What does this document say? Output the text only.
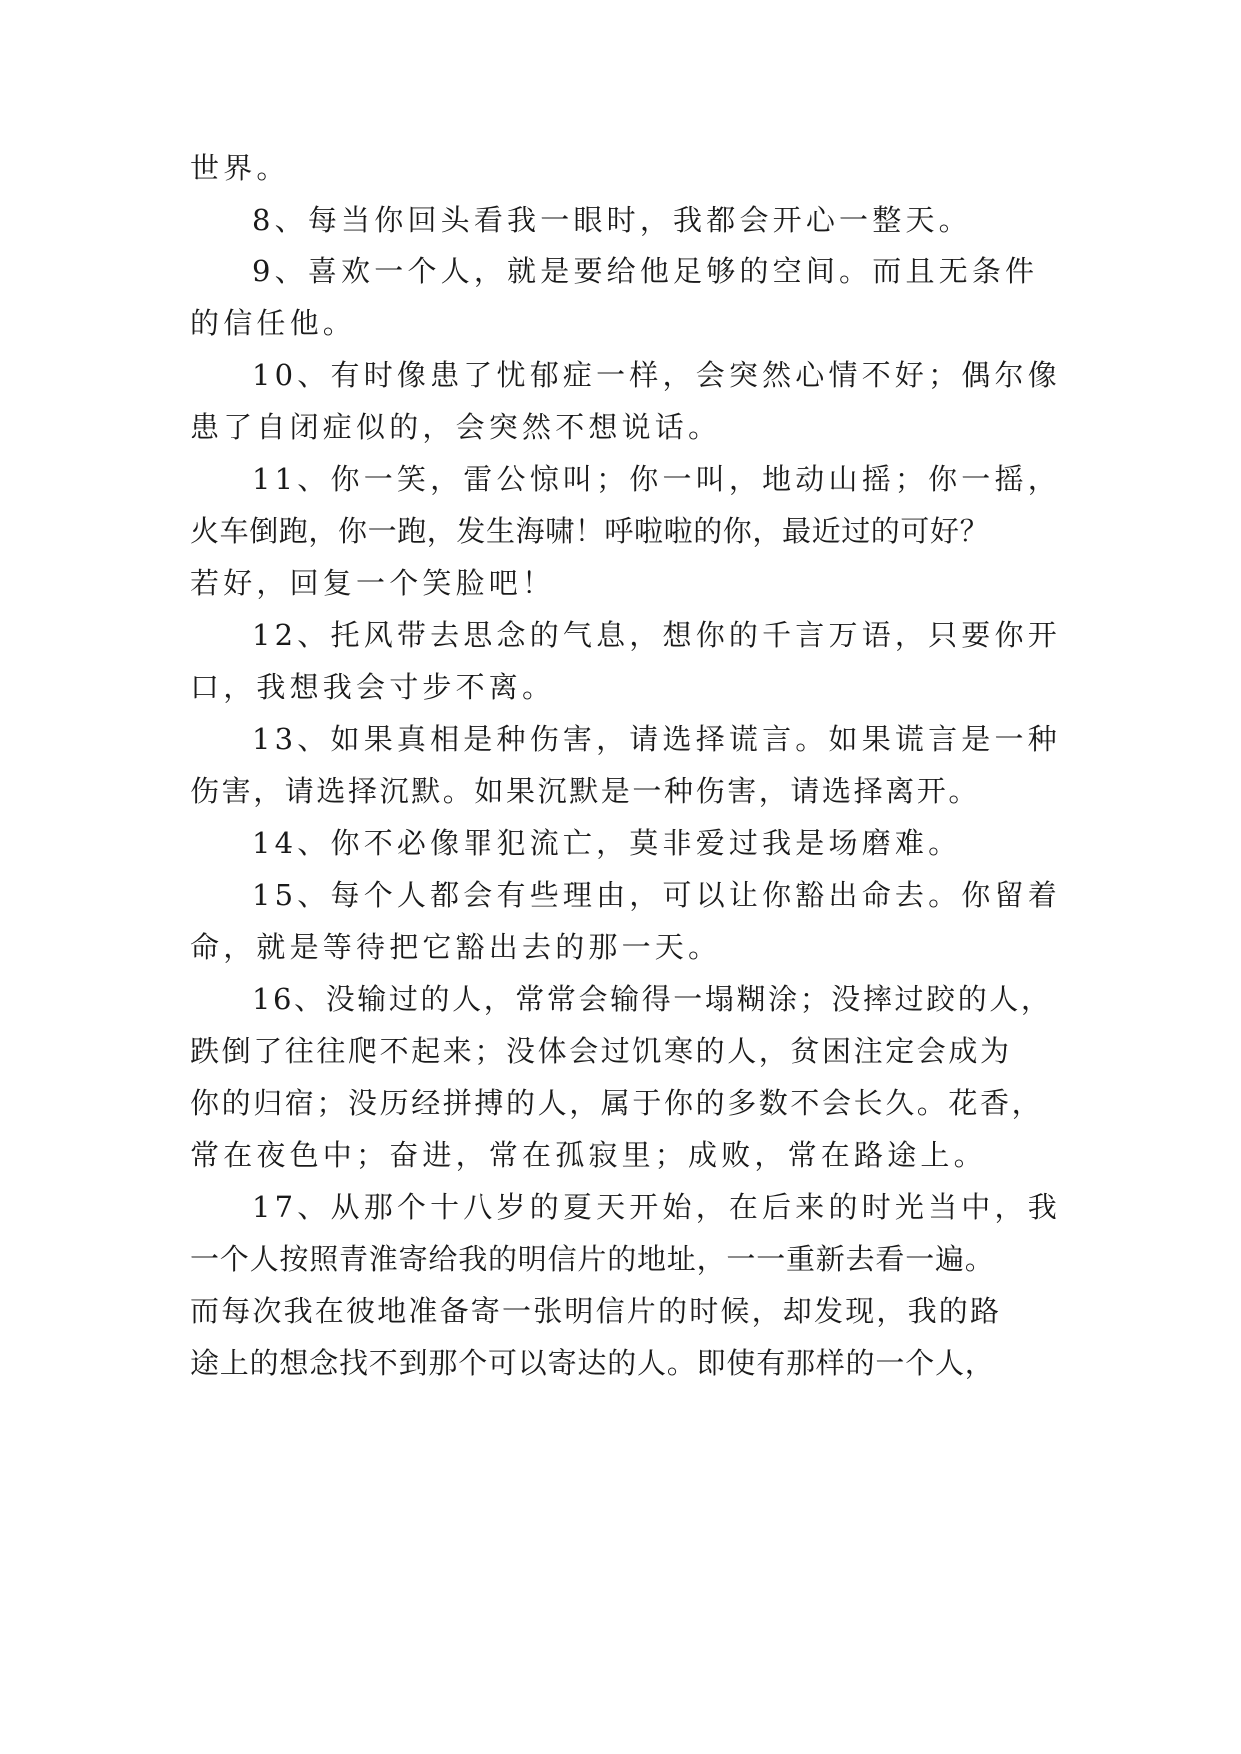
世界。
8、每当你回头看我一眼时，我都会开心一整天。
9、喜欢一个人，就是要给他足够的空间。而且无条件
的信任他。
10、有时像患了忧郁症一样，会突然心情不好；偶尔像
患了自闭症似的，会突然不想说话。
11、你一笑，雷公惊叫；你一叫，地动山摇；你一摇，
火车倒跑，你一跑，发生海啸！呼啦啦的你，最近过的可好？
若好，回复一个笑脸吧！
12、托风带去思念的气息，想你的千言万语，只要你开
口，我想我会寸步不离。
13、如果真相是种伤害，请选择谎言。如果谎言是一种
伤害，请选择沉默。如果沉默是一种伤害，请选择离开。
14、你不必像罪犯流亡，莫非爱过我是场磨难。
15、每个人都会有些理由，可以让你豁出命去。你留着
命，就是等待把它豁出去的那一天。
16、没输过的人，常常会输得一塌糊涂；没摔过跤的人，
跌倒了往往爬不起来；没体会过饥寒的人，贫困注定会成为
你的归宿；没历经拼搏的人，属于你的多数不会长久。花香，
常在夜色中；奋进，常在孤寂里；成败，常在路途上。
17、从那个十八岁的夏天开始，在后来的时光当中，我
一个人按照青淮寄给我的明信片的地址，一一重新去看一遍。
而每次我在彼地准备寄一张明信片的时候，却发现，我的路
途上的想念找不到那个可以寄达的人。即使有那样的一个人，
